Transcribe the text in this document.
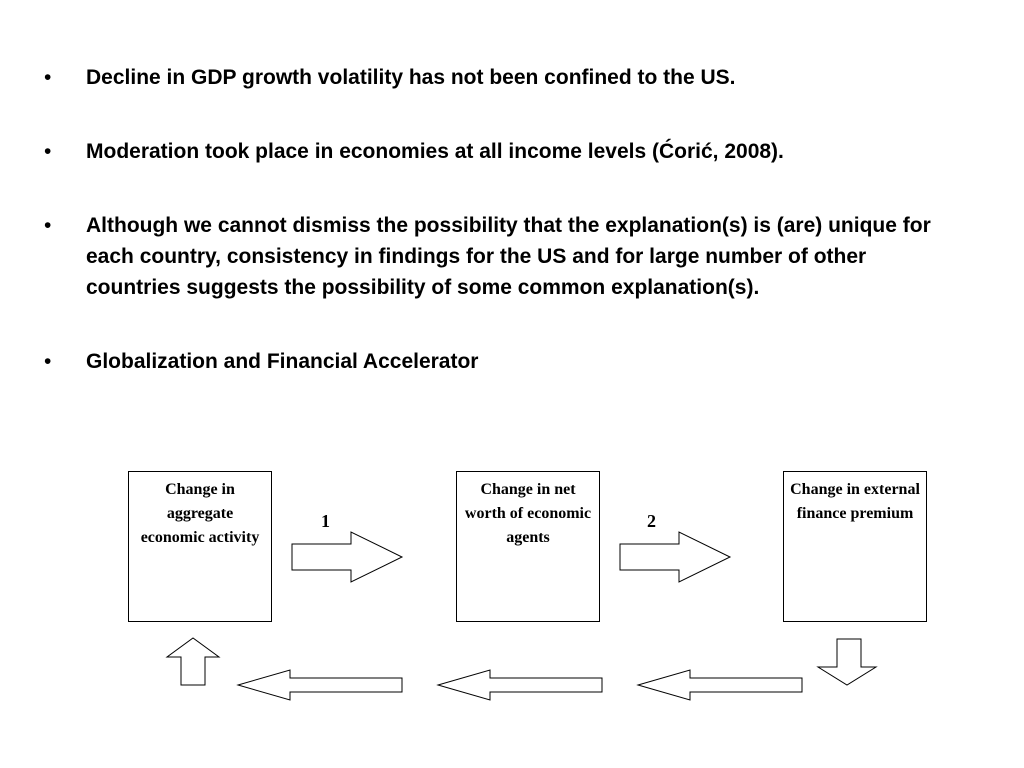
• Decline in GDP growth volatility has not been confined to the US.
• Moderation took place in economies at all income levels (Ćorić, 2008).
• Although we cannot dismiss the possibility that the explanation(s) is (are) unique for each country, consistency in findings for the US and for large number of other countries suggests the possibility of some common explanation(s).
• Globalization and Financial Accelerator
Change in aggregate economic activity
Change in net worth of economic agents
Change in external finance premium
1	2
